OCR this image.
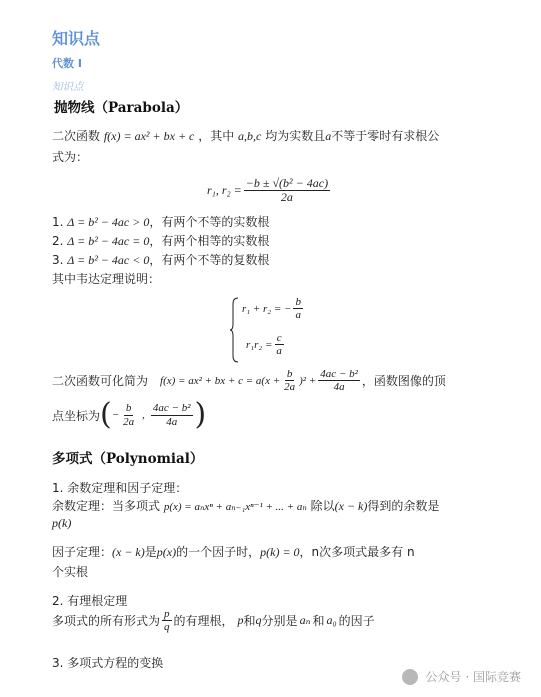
知识点
代数 I
知识点
抛物线（Parabola）
二次函数 f(x) = ax² + bx + c ，其中 a,b,c 均为实数且a不等于零时有求根公
式为：
r₁, $r_2 = \frac{\text{−b ± √(b² − 4ac)}}{2a}$
1. Δ = b² − 4ac > 0，有两个不等的实数根
2. Δ = b² − 4ac = 0，有两个相等的实数根
3. Δ = b² − 4ac < 0，有两个不等的复数根
其中韦达定理说明：
r₁ + r₂ = − $\frac{b}{a}$
$r_1r_2 = \frac{c}{a}$
二次函数可化简为 f(x) = ax² + bx + $c = a(x + \frac{b}{2a} )^2 + \frac{\text{4ac − b²}}{4a}$ ，函数图像的顶
点坐标为 ( − $\frac{b}{2a}$ , $\frac{\text{4ac − b²}}{4a}$ )
多项式（Polynomial）
1. 余数定理和因子定理：
余数定理：当多项式 p(x) = aₙxⁿ + aₙ₋₁xⁿ⁻¹ + ... + aₙ 除以(x − k)得到的余数是
p(k)
因子定理：(x − k)是p(x)的一个因子时，p(k) = 0，n次多项式最多有 n
个实根
2. 有理根定理
多项式的所有形式为 $\frac{p}{q}$ 的有理根， p 和 q 分别是 aₙ 和 a₀ 的因子
3. 多项式方程的变换
公众号 · 国际竞赛
